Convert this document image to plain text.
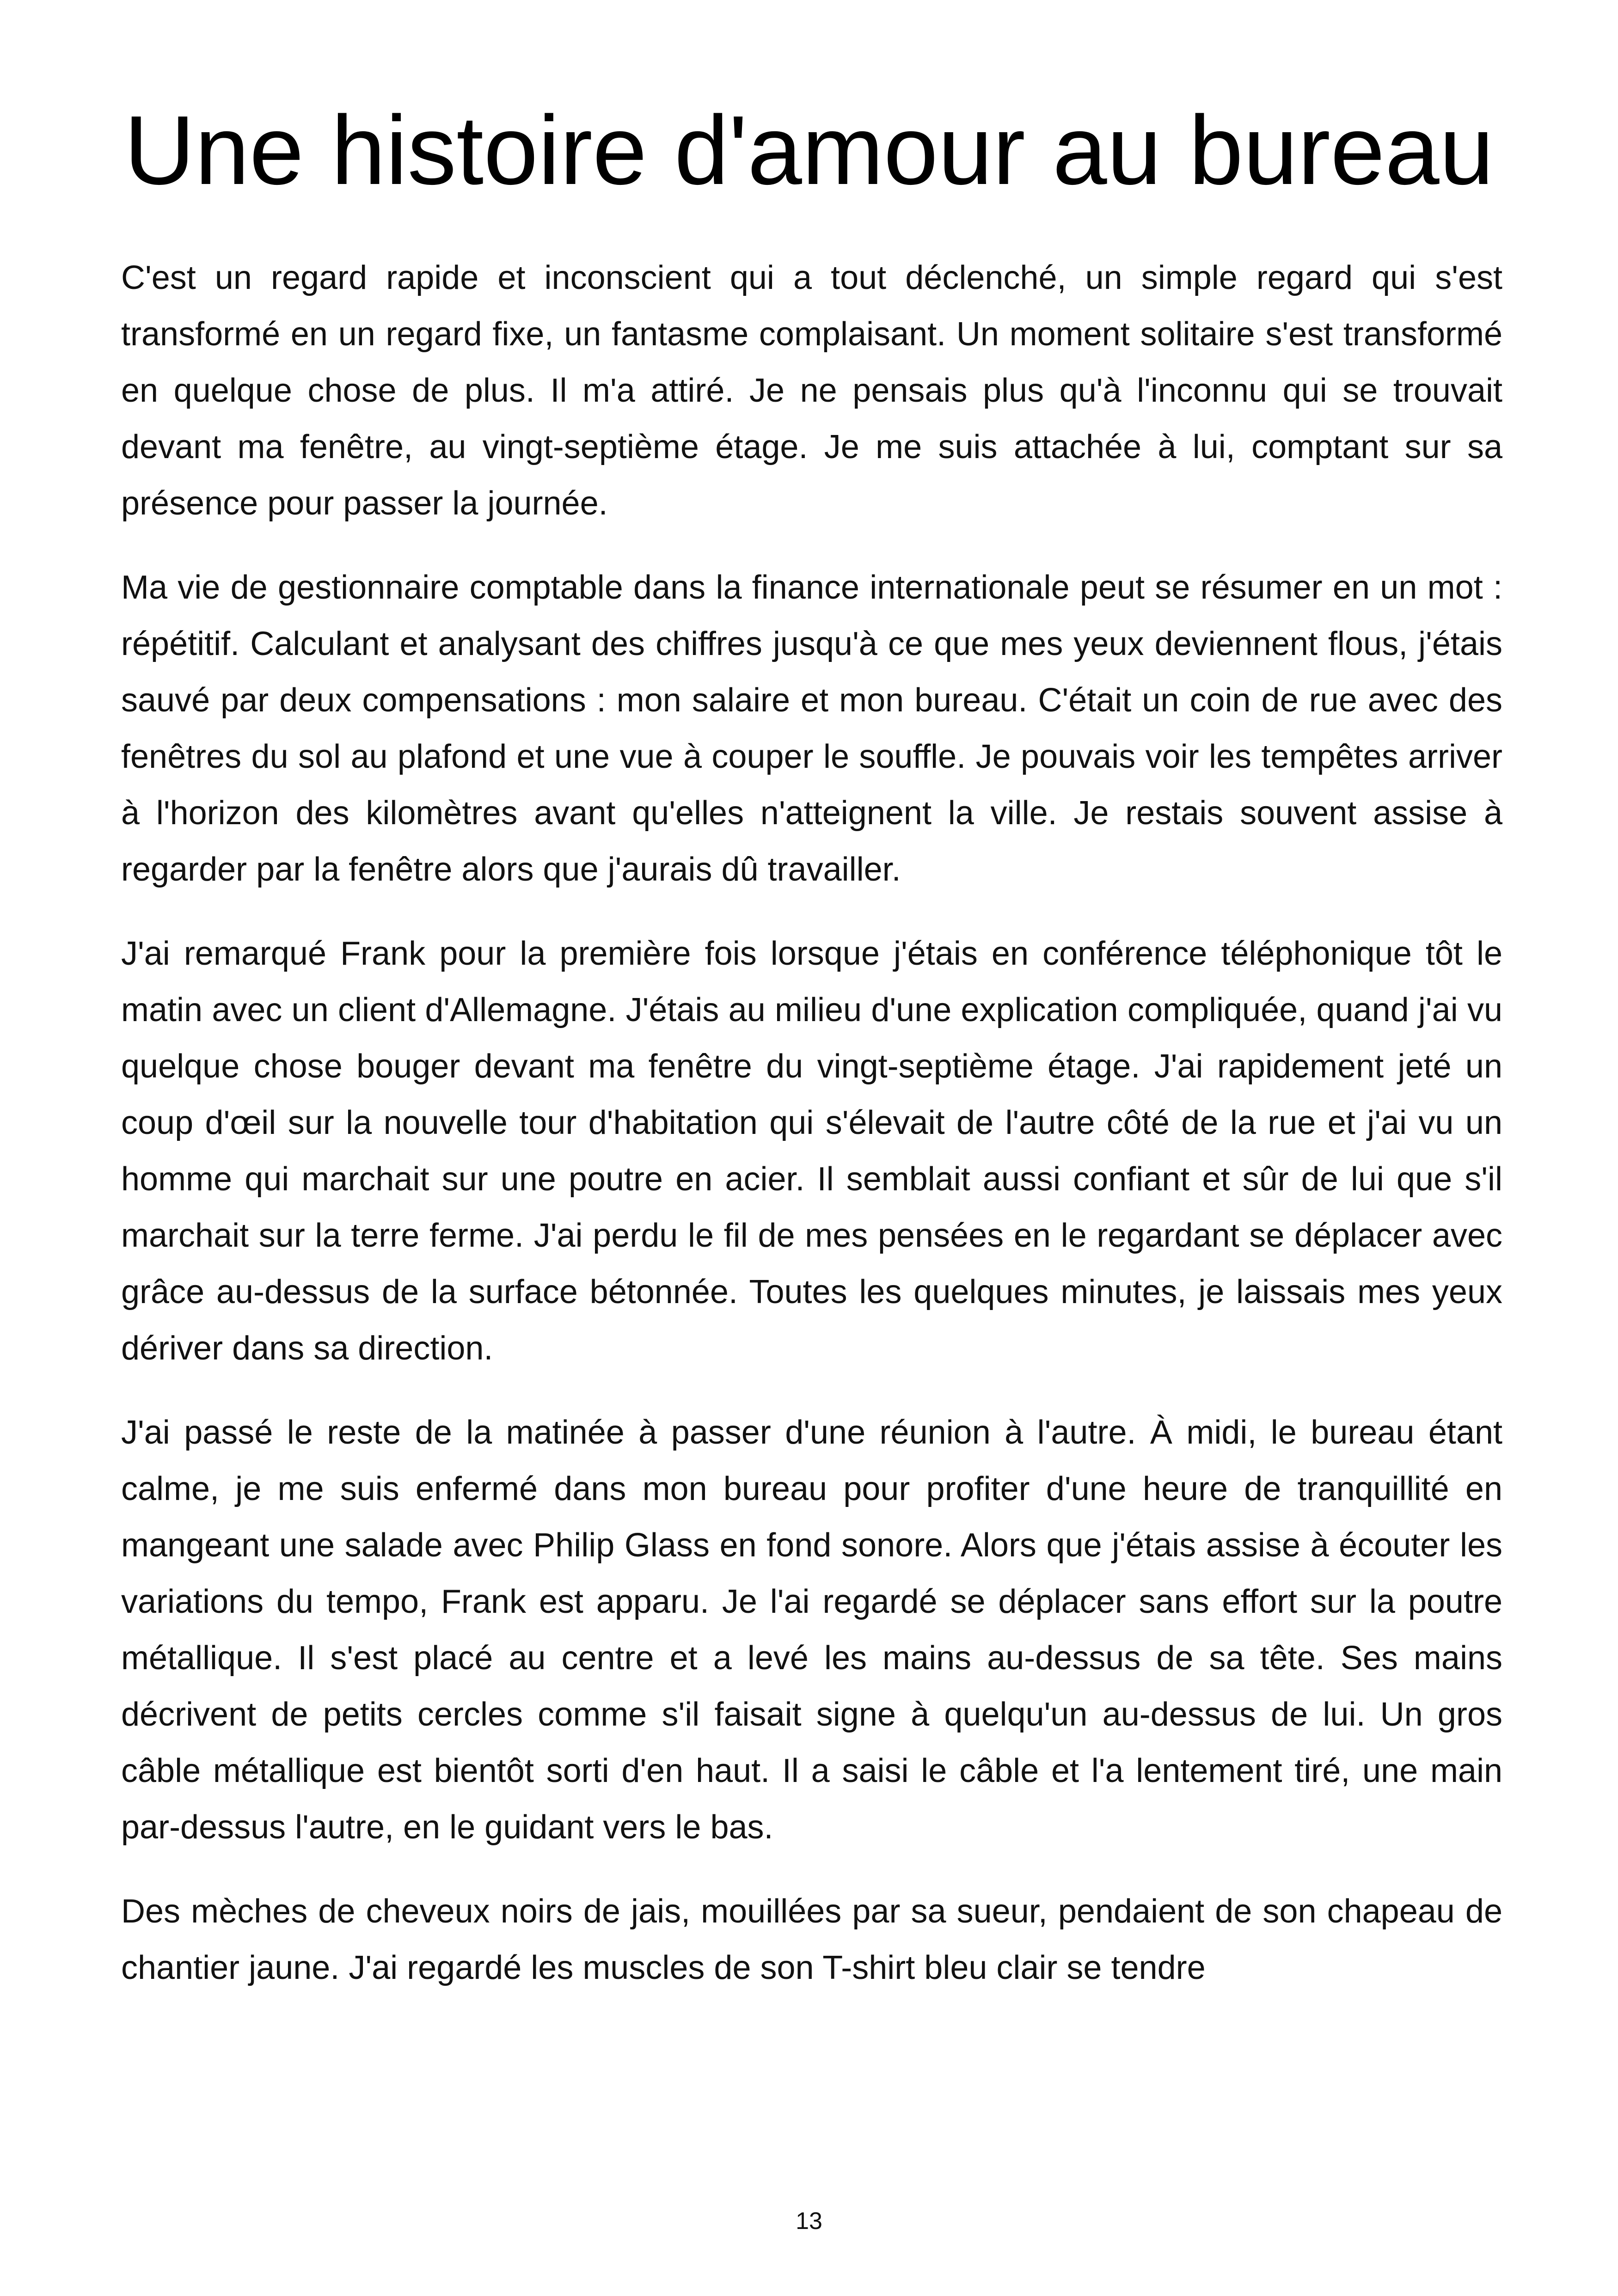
Une histoire d'amour au bureau

C'est un regard rapide et inconscient qui a tout déclenché, un simple regard qui s'est transformé en un regard fixe, un fantasme complaisant. Un moment solitaire s'est transformé en quelque chose de plus. Il m'a attiré. Je ne pensais plus qu'à l'inconnu qui se trouvait devant ma fenêtre, au vingt-septième étage. Je me suis attachée à lui, comptant sur sa présence pour passer la journée.

Ma vie de gestionnaire comptable dans la finance internationale peut se résumer en un mot : répétitif. Calculant et analysant des chiffres jusqu'à ce que mes yeux deviennent flous, j'étais sauvé par deux compensations : mon salaire et mon bureau. C'était un coin de rue avec des fenêtres du sol au plafond et une vue à couper le souffle. Je pouvais voir les tempêtes arriver à l'horizon des kilomètres avant qu'elles n'atteignent la ville. Je restais souvent assise à regarder par la fenêtre alors que j'aurais dû travailler.

J'ai remarqué Frank pour la première fois lorsque j'étais en conférence téléphonique tôt le matin avec un client d'Allemagne. J'étais au milieu d'une explication compliquée, quand j'ai vu quelque chose bouger devant ma fenêtre du vingt-septième étage. J'ai rapidement jeté un coup d'œil sur la nouvelle tour d'habitation qui s'élevait de l'autre côté de la rue et j'ai vu un homme qui marchait sur une poutre en acier. Il semblait aussi confiant et sûr de lui que s'il marchait sur la terre ferme. J'ai perdu le fil de mes pensées en le regardant se déplacer avec grâce au-dessus de la surface bétonnée. Toutes les quelques minutes, je laissais mes yeux dériver dans sa direction.

J'ai passé le reste de la matinée à passer d'une réunion à l'autre. À midi, le bureau étant calme, je me suis enfermé dans mon bureau pour profiter d'une heure de tranquillité en mangeant une salade avec Philip Glass en fond sonore. Alors que j'étais assise à écouter les variations du tempo, Frank est apparu. Je l'ai regardé se déplacer sans effort sur la poutre métallique. Il s'est placé au centre et a levé les mains au-dessus de sa tête. Ses mains décrivent de petits cercles comme s'il faisait signe à quelqu'un au-dessus de lui. Un gros câble métallique est bientôt sorti d'en haut. Il a saisi le câble et l'a lentement tiré, une main par-dessus l'autre, en le guidant vers le bas.

Des mèches de cheveux noirs de jais, mouillées par sa sueur, pendaient de son chapeau de chantier jaune. J'ai regardé les muscles de son T-shirt bleu clair se tendre

13
